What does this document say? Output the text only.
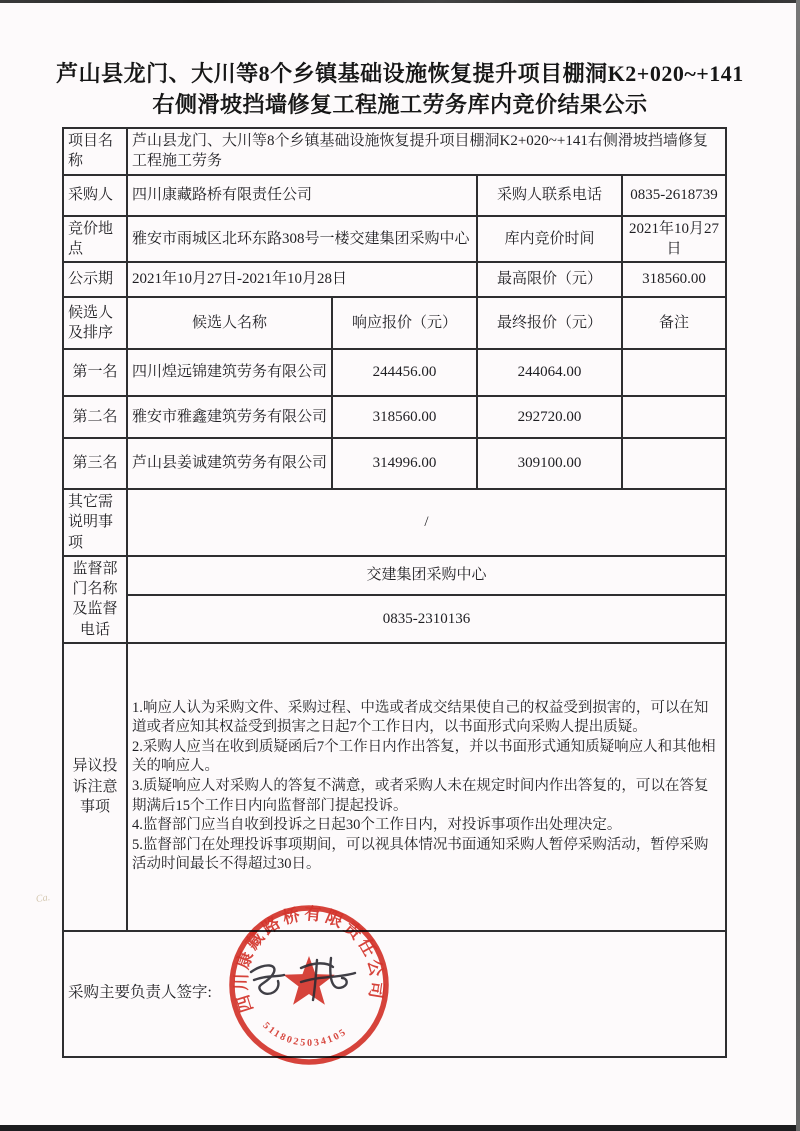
Ca.
芦山县龙门、大川等8个乡镇基础设施恢复提升项目棚洞K2+020~+141右侧滑坡挡墙修复工程施工劳务库内竞价结果公示
项目名称	芦山县龙门、大川等8个乡镇基础设施恢复提升项目棚洞K2+020~+141右侧滑坡挡墙修复工程施工劳务			
采购人	四川康藏路桥有限责任公司		采购人联系电话	0835-2618739
竞价地点	雅安市雨城区北环东路308号一楼交建集团采购中心		库内竞价时间	2021年10月27日
公示期	2021年10月27日-2021年10月28日		最高限价（元）	318560.00
候选人及排序	候选人名称	响应报价（元）	最终报价（元）	备注
第一名	四川煌远锦建筑劳务有限公司	244456.00	244064.00	
第二名	雅安市雅鑫建筑劳务有限公司	318560.00	292720.00	
第三名	芦山县姜诚建筑劳务有限公司	314996.00	309100.00	
其它需说明事项	/			
监督部门名称及监督电话	交建集团采购中心			
	0835-2310136			
异议投诉注意事项	1.响应人认为采购文件、采购过程、中选或者成交结果使自己的权益受到损害的，可以在知道或者应知其权益受到损害之日起7个工作日内，以书面形式向采购人提出质疑。

2.采购人应当在收到质疑函后7个工作日内作出答复，并以书面形式通知质疑响应人和其他相关的响应人。

3.质疑响应人对采购人的答复不满意，或者采购人未在规定时间内作出答复的，可以在答复期满后15个工作日内向监督部门提起投诉。

4.监督部门应当自收到投诉之日起30个工作日内，对投诉事项作出处理决定。

5.监督部门在处理投诉事项期间，可以视具体情况书面通知采购人暂停采购活动，暂停采购活动时间最长不得超过30日。			

采购主要负责人签字:				四川康藏路桥有限责任公司
5118025034105
